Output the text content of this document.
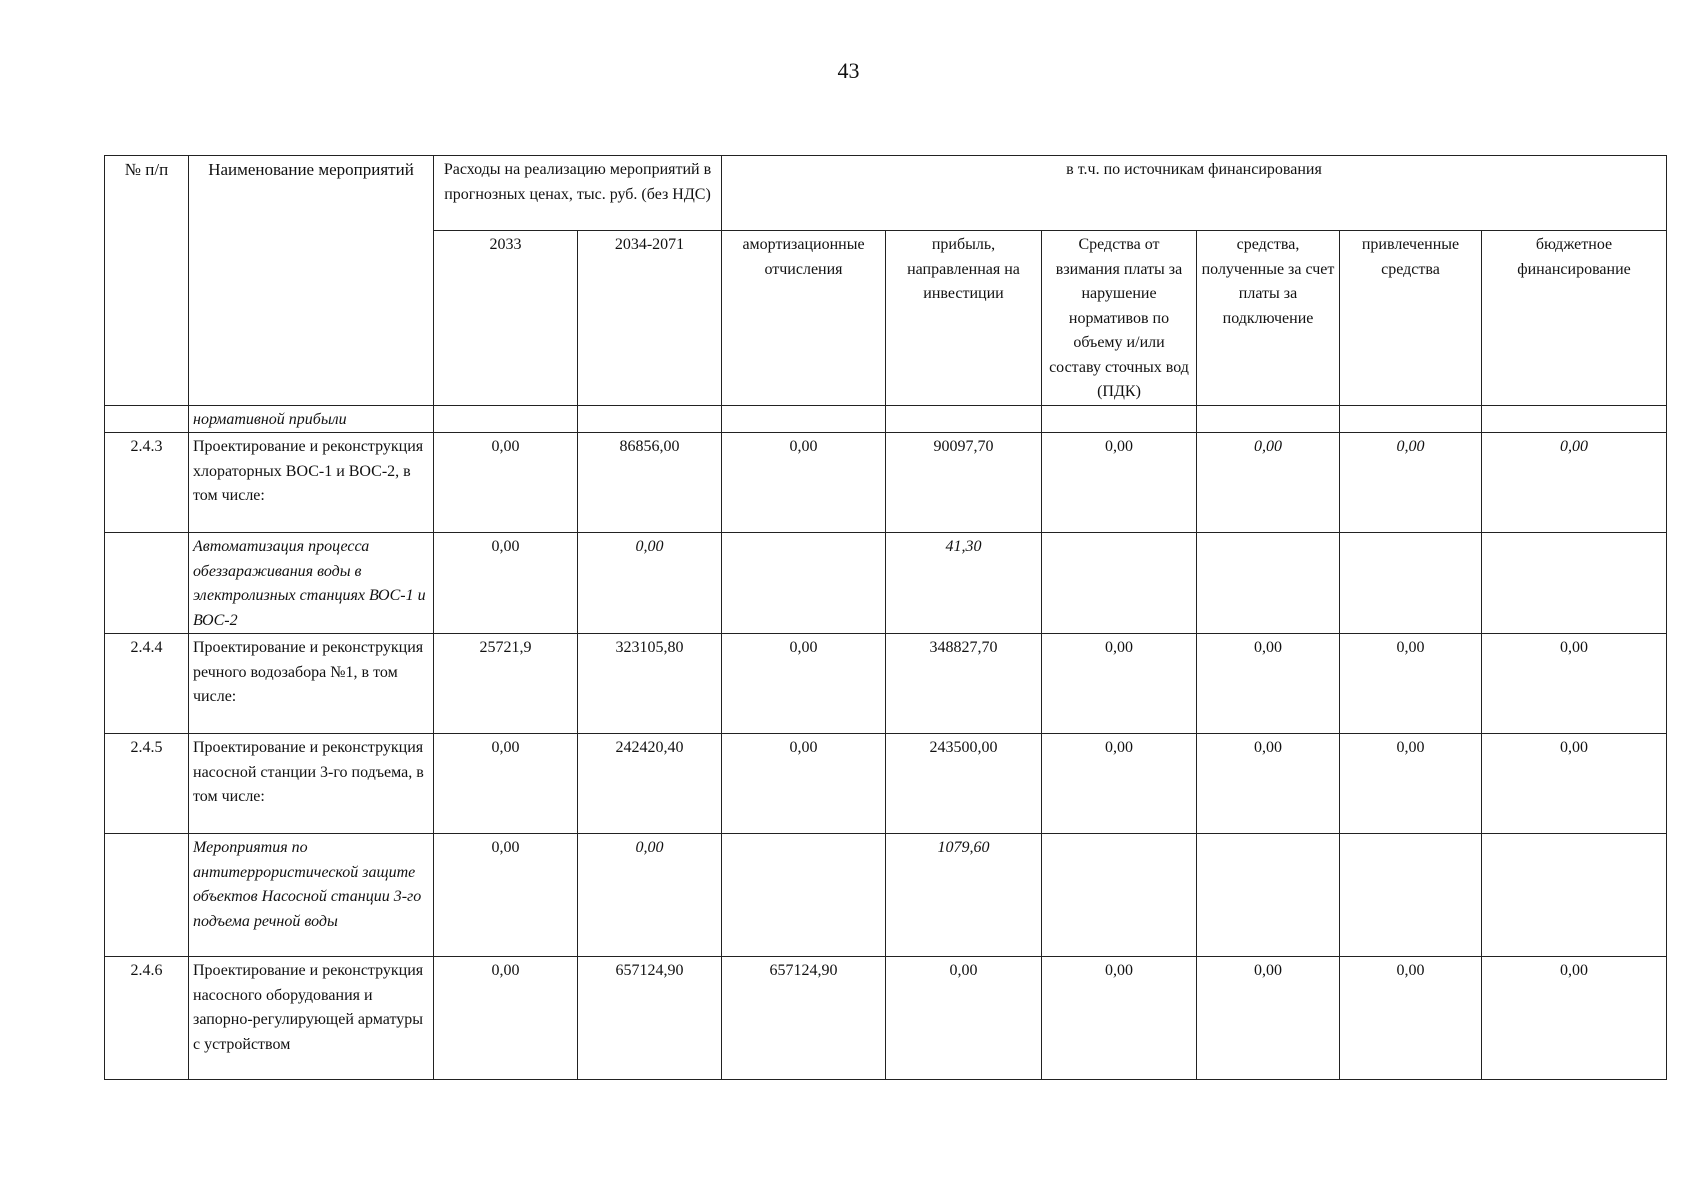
43
№ п/п	Наименование мероприятий	Расходы на реализацию мероприятий в прогнозных ценах, тыс. руб. (без НДС)		в т.ч. по источникам финансирования					
		2033	2034-2071	амортизационные отчисления	прибыль, направленная на инвестиции	Средства от взимания платы за нарушение нормативов по объему и/или составу сточных вод (ПДК)	средства, полученные за счет платы за подключение	привлеченные средства	бюджетное финансирование
	нормативной прибыли								
2.4.3	Проектирование и реконструкция хлораторных ВОС-1 и ВОС-2, в том числе:	0,00	86856,00	0,00	90097,70	0,00	0,00	0,00	0,00
	Автоматизация процесса обеззараживания воды в электролизных станциях ВОС-1 и ВОС-2	0,00	0,00		41,30				
2.4.4	Проектирование и реконструкция речного водозабора №1, в том числе:	25721,9	323105,80	0,00	348827,70	0,00	0,00	0,00	0,00
2.4.5	Проектирование и реконструкция насосной станции 3-го подъема, в том числе:	0,00	242420,40	0,00	243500,00	0,00	0,00	0,00	0,00
	Мероприятия по антитеррористической защите объектов Насосной станции 3-го подъема речной воды	0,00	0,00		1079,60				
2.4.6	Проектирование и реконструкция насосного оборудования и запорно-регулирующей арматуры с устройством	0,00	657124,90	657124,90	0,00	0,00	0,00	0,00	0,00
